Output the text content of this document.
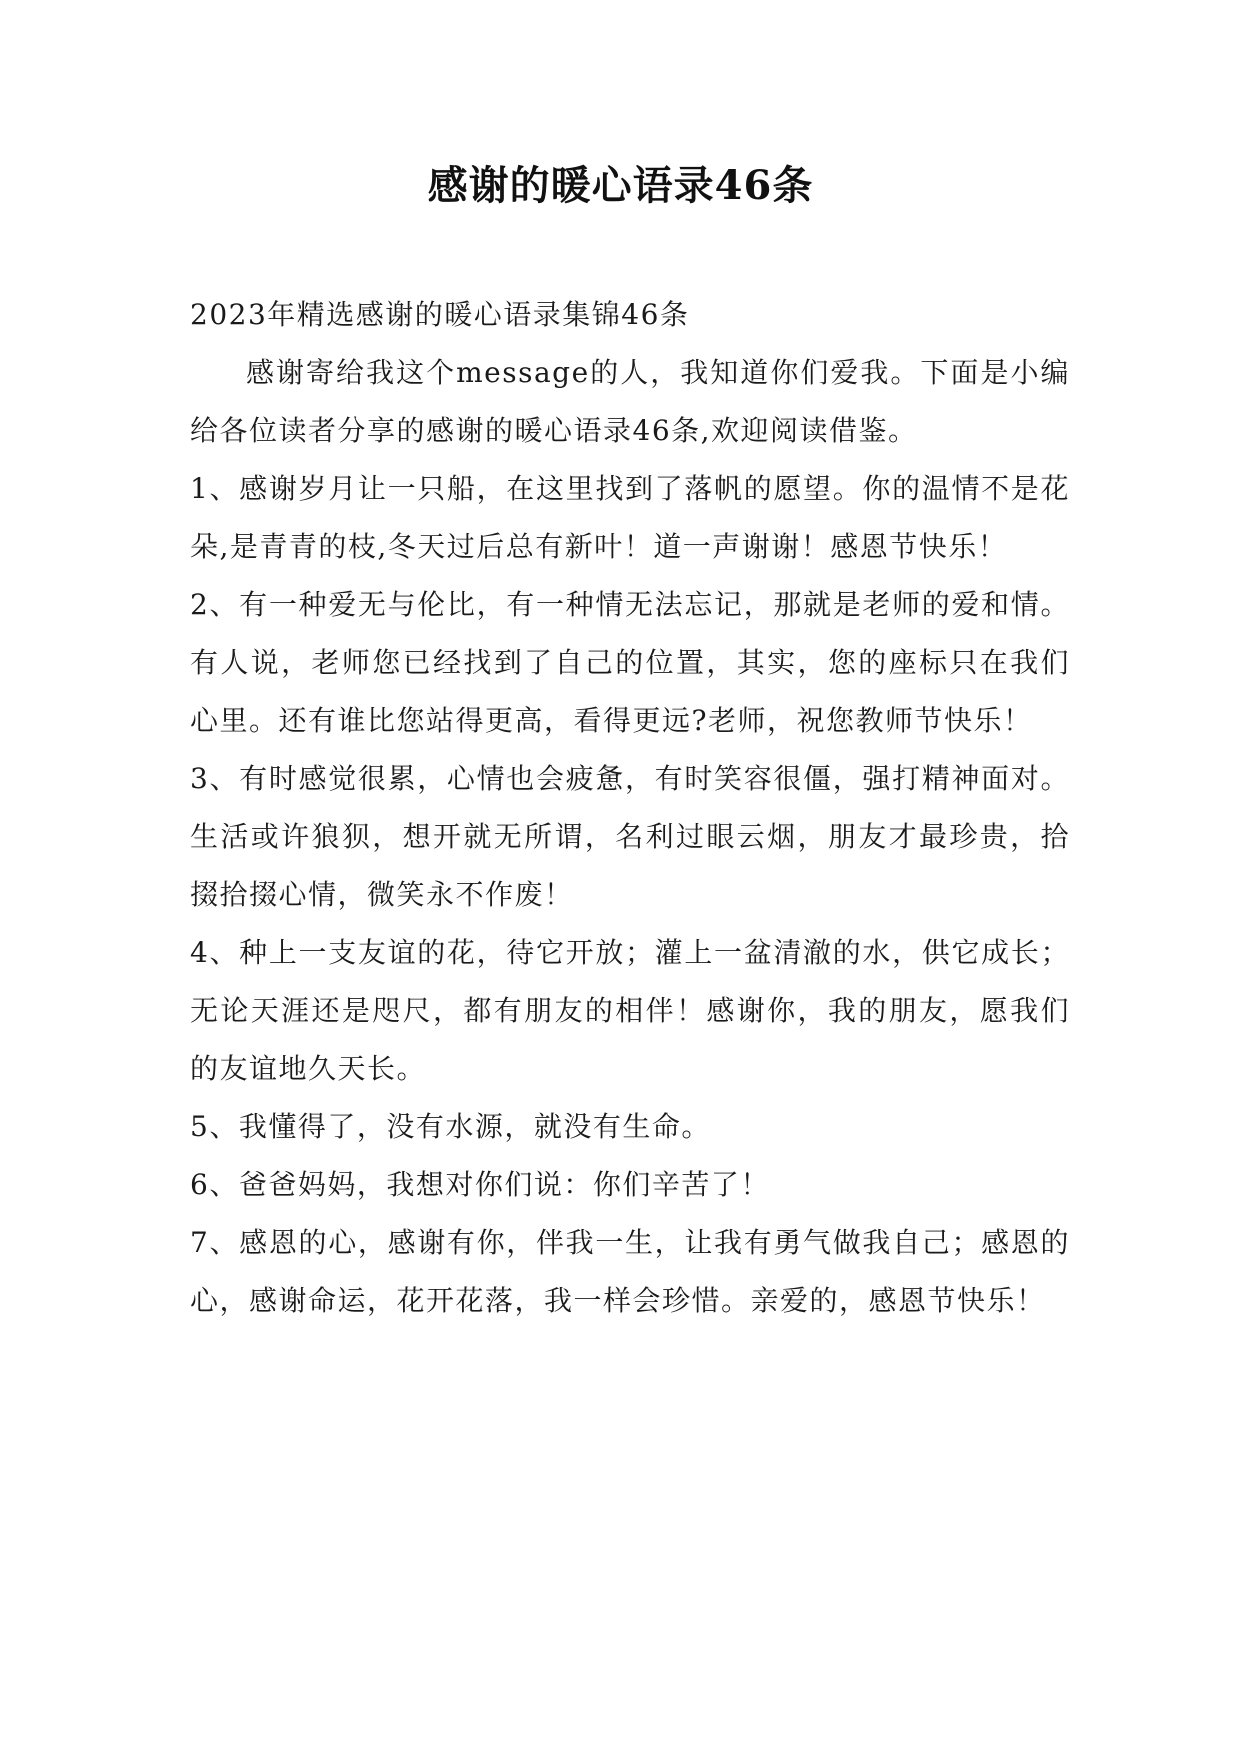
感谢的暖心语录46条

2023年精选感谢的暖心语录集锦46条

感谢寄给我这个message的人，我知道你们爱我。下面是小编给各位读者分享的感谢的暖心语录46条,欢迎阅读借鉴。

1、感谢岁月让一只船，在这里找到了落帆的愿望。你的温情不是花朵,是青青的枝,冬天过后总有新叶！道一声谢谢！感恩节快乐！

2、有一种爱无与伦比，有一种情无法忘记，那就是老师的爱和情。 有人说，老师您已经找到了自己的位置，其实，您的座标只在我们心里。还有谁比您站得更高，看得更远?老师，祝您教师节快乐！

3、有时感觉很累，心情也会疲惫，有时笑容很僵，强打精神面对。生活或许狼狈，想开就无所谓，名利过眼云烟，朋友才最珍贵，拾掇拾掇心情，微笑永不作废！

4、种上一支友谊的花，待它开放；灌上一盆清澈的水，供它成长；无论天涯还是咫尺，都有朋友的相伴！感谢你，我的朋友，愿我们的友谊地久天长。

5、我懂得了，没有水源，就没有生命。

6、爸爸妈妈，我想对你们说：你们辛苦了！

7、感恩的心，感谢有你，伴我一生，让我有勇气做我自己；感恩的心，感谢命运，花开花落，我一样会珍惜。亲爱的，感恩节快乐！
